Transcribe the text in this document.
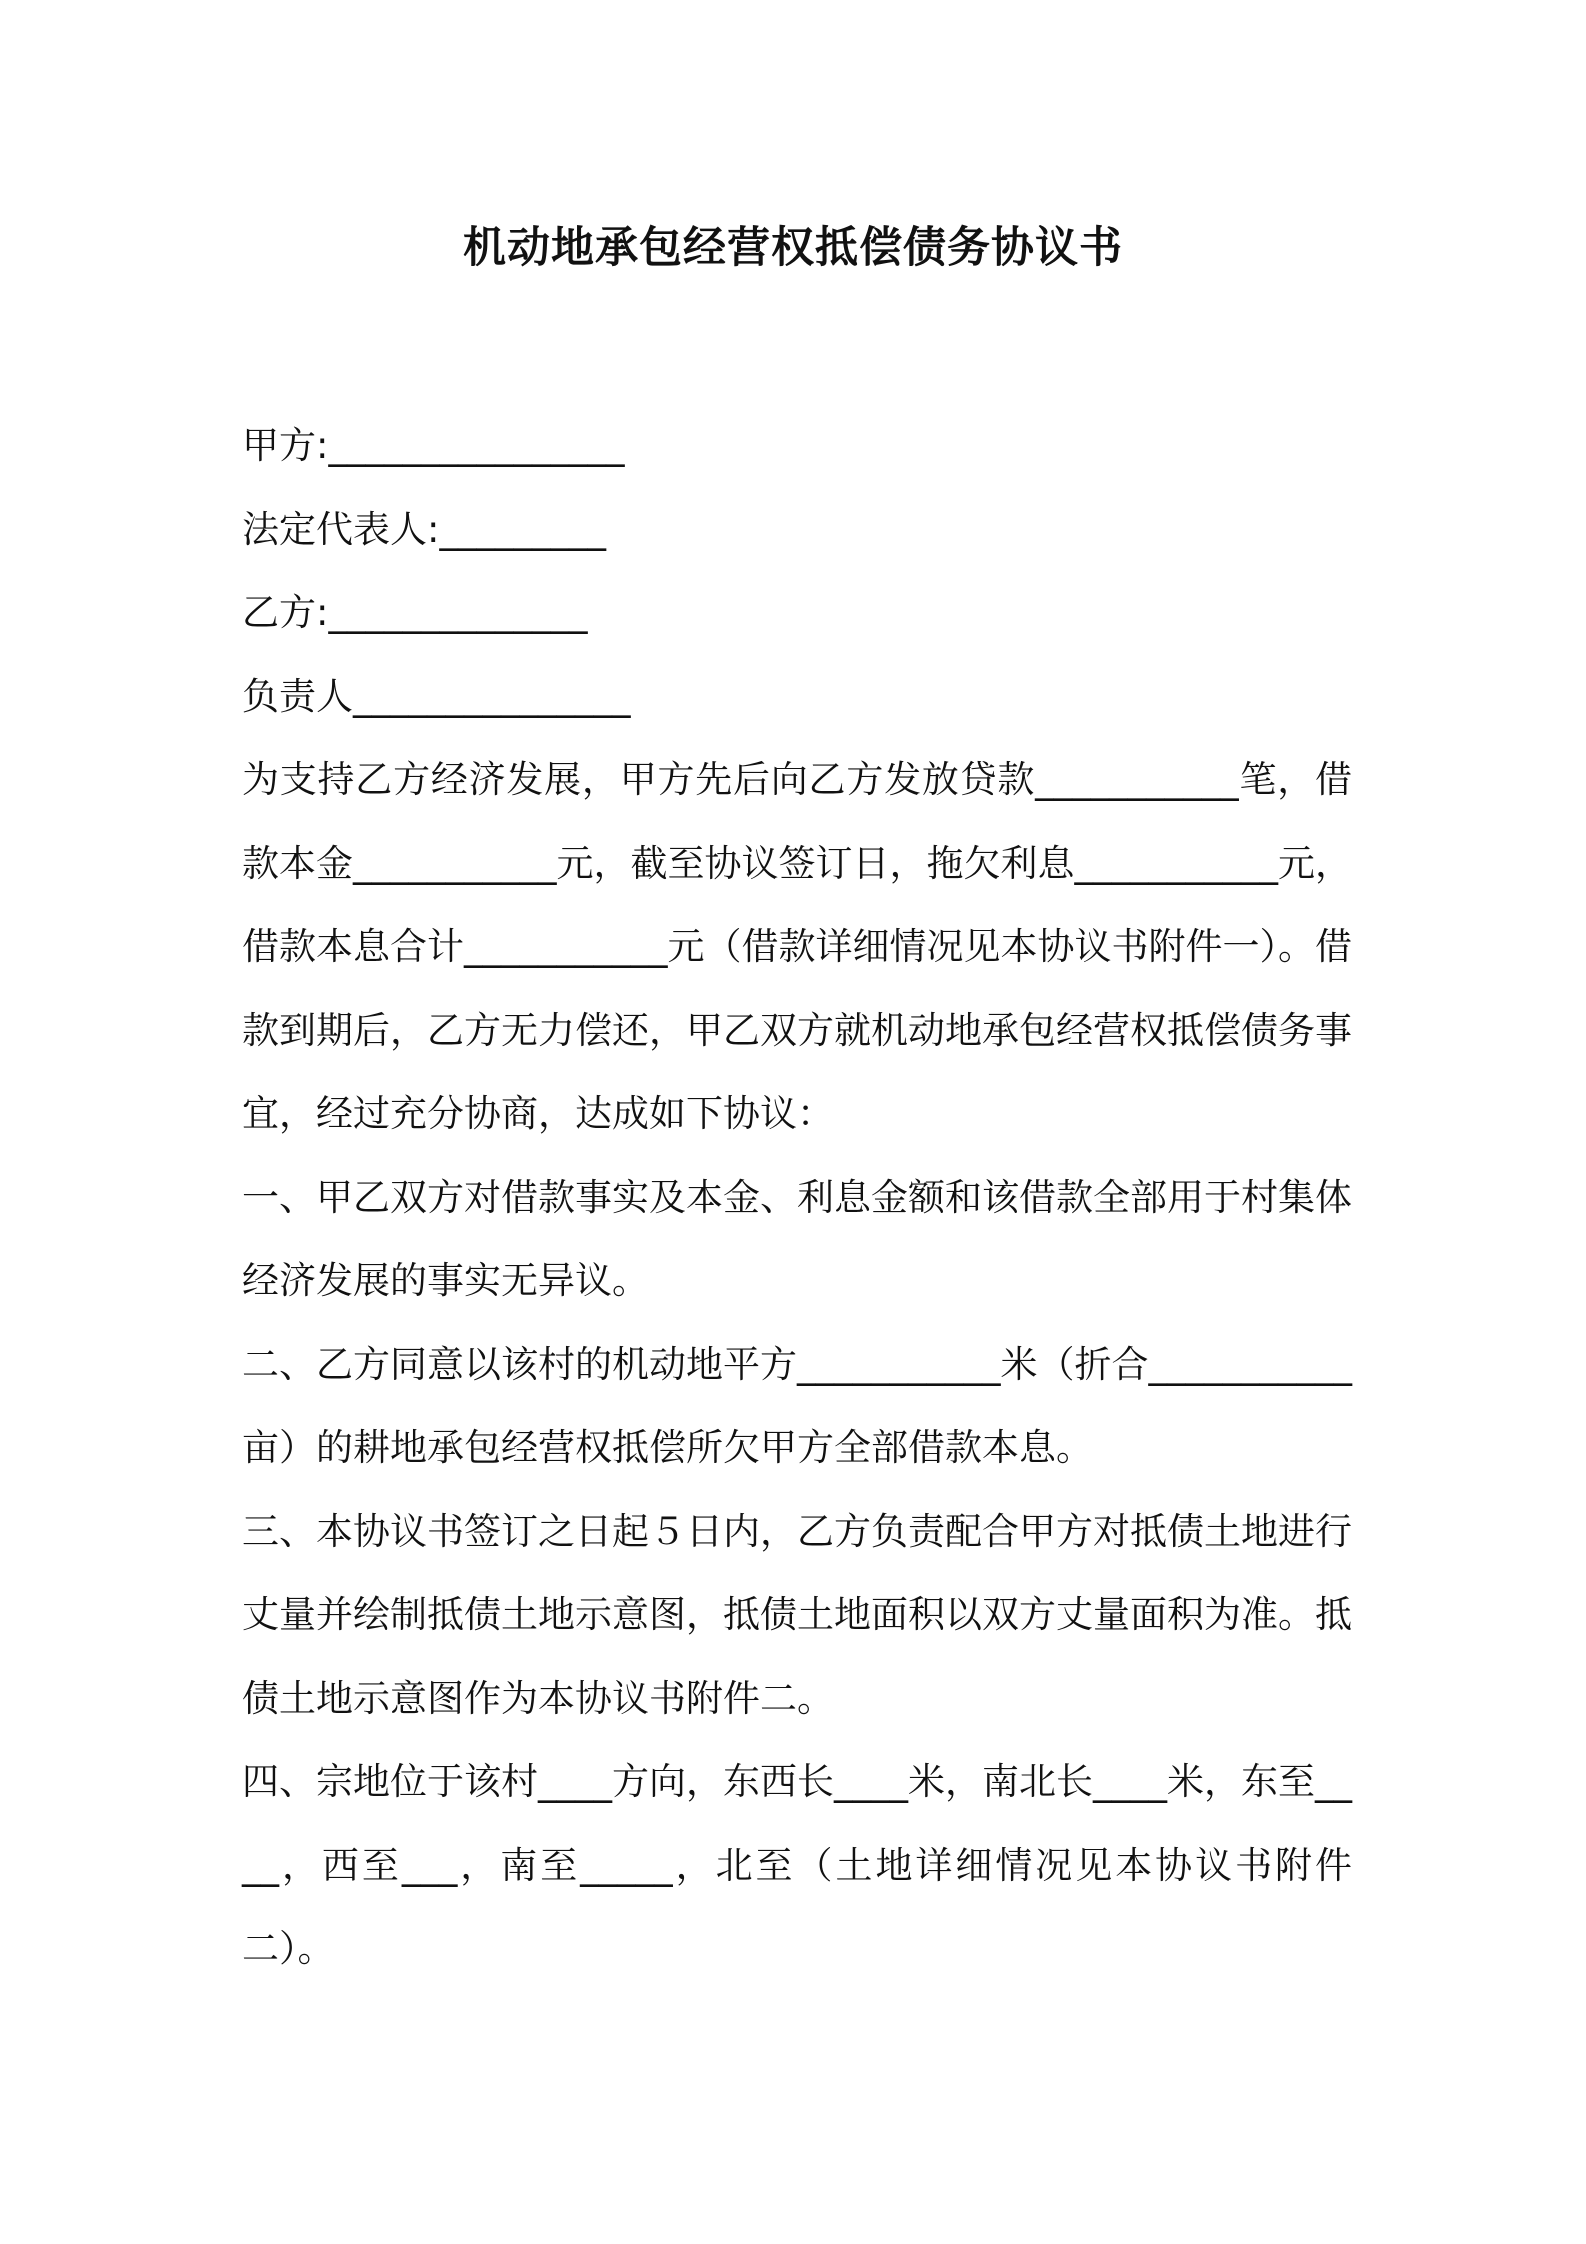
机动地承包经营权抵偿债务协议书

甲方:________________

法定代表人:_________

乙方:______________

负责人_______________

为支持乙方经济发展，甲方先后向乙方发放贷款___________笔，借款本金___________元，截至协议签订日，拖欠利息___________元，借款本息合计___________元（借款详细情况见本协议书附件一）。借款到期后，乙方无力偿还，甲乙双方就机动地承包经营权抵偿债务事宜，经过充分协商，达成如下协议：

一、甲乙双方对借款事实及本金、利息金额和该借款全部用于村集体经济发展的事实无异议。

二、乙方同意以该村的机动地平方___________米（折合___________亩）的耕地承包经营权抵偿所欠甲方全部借款本息。

三、本协议书签订之日起５日内，乙方负责配合甲方对抵债土地进行丈量并绘制抵债土地示意图，抵债土地面积以双方丈量面积为准。抵债土地示意图作为本协议书附件二。

四、宗地位于该村____方向，东西长____米，南北长____米，东至____，西至___，南至_____，北至（土地详细情况见本协议书附件二）。
